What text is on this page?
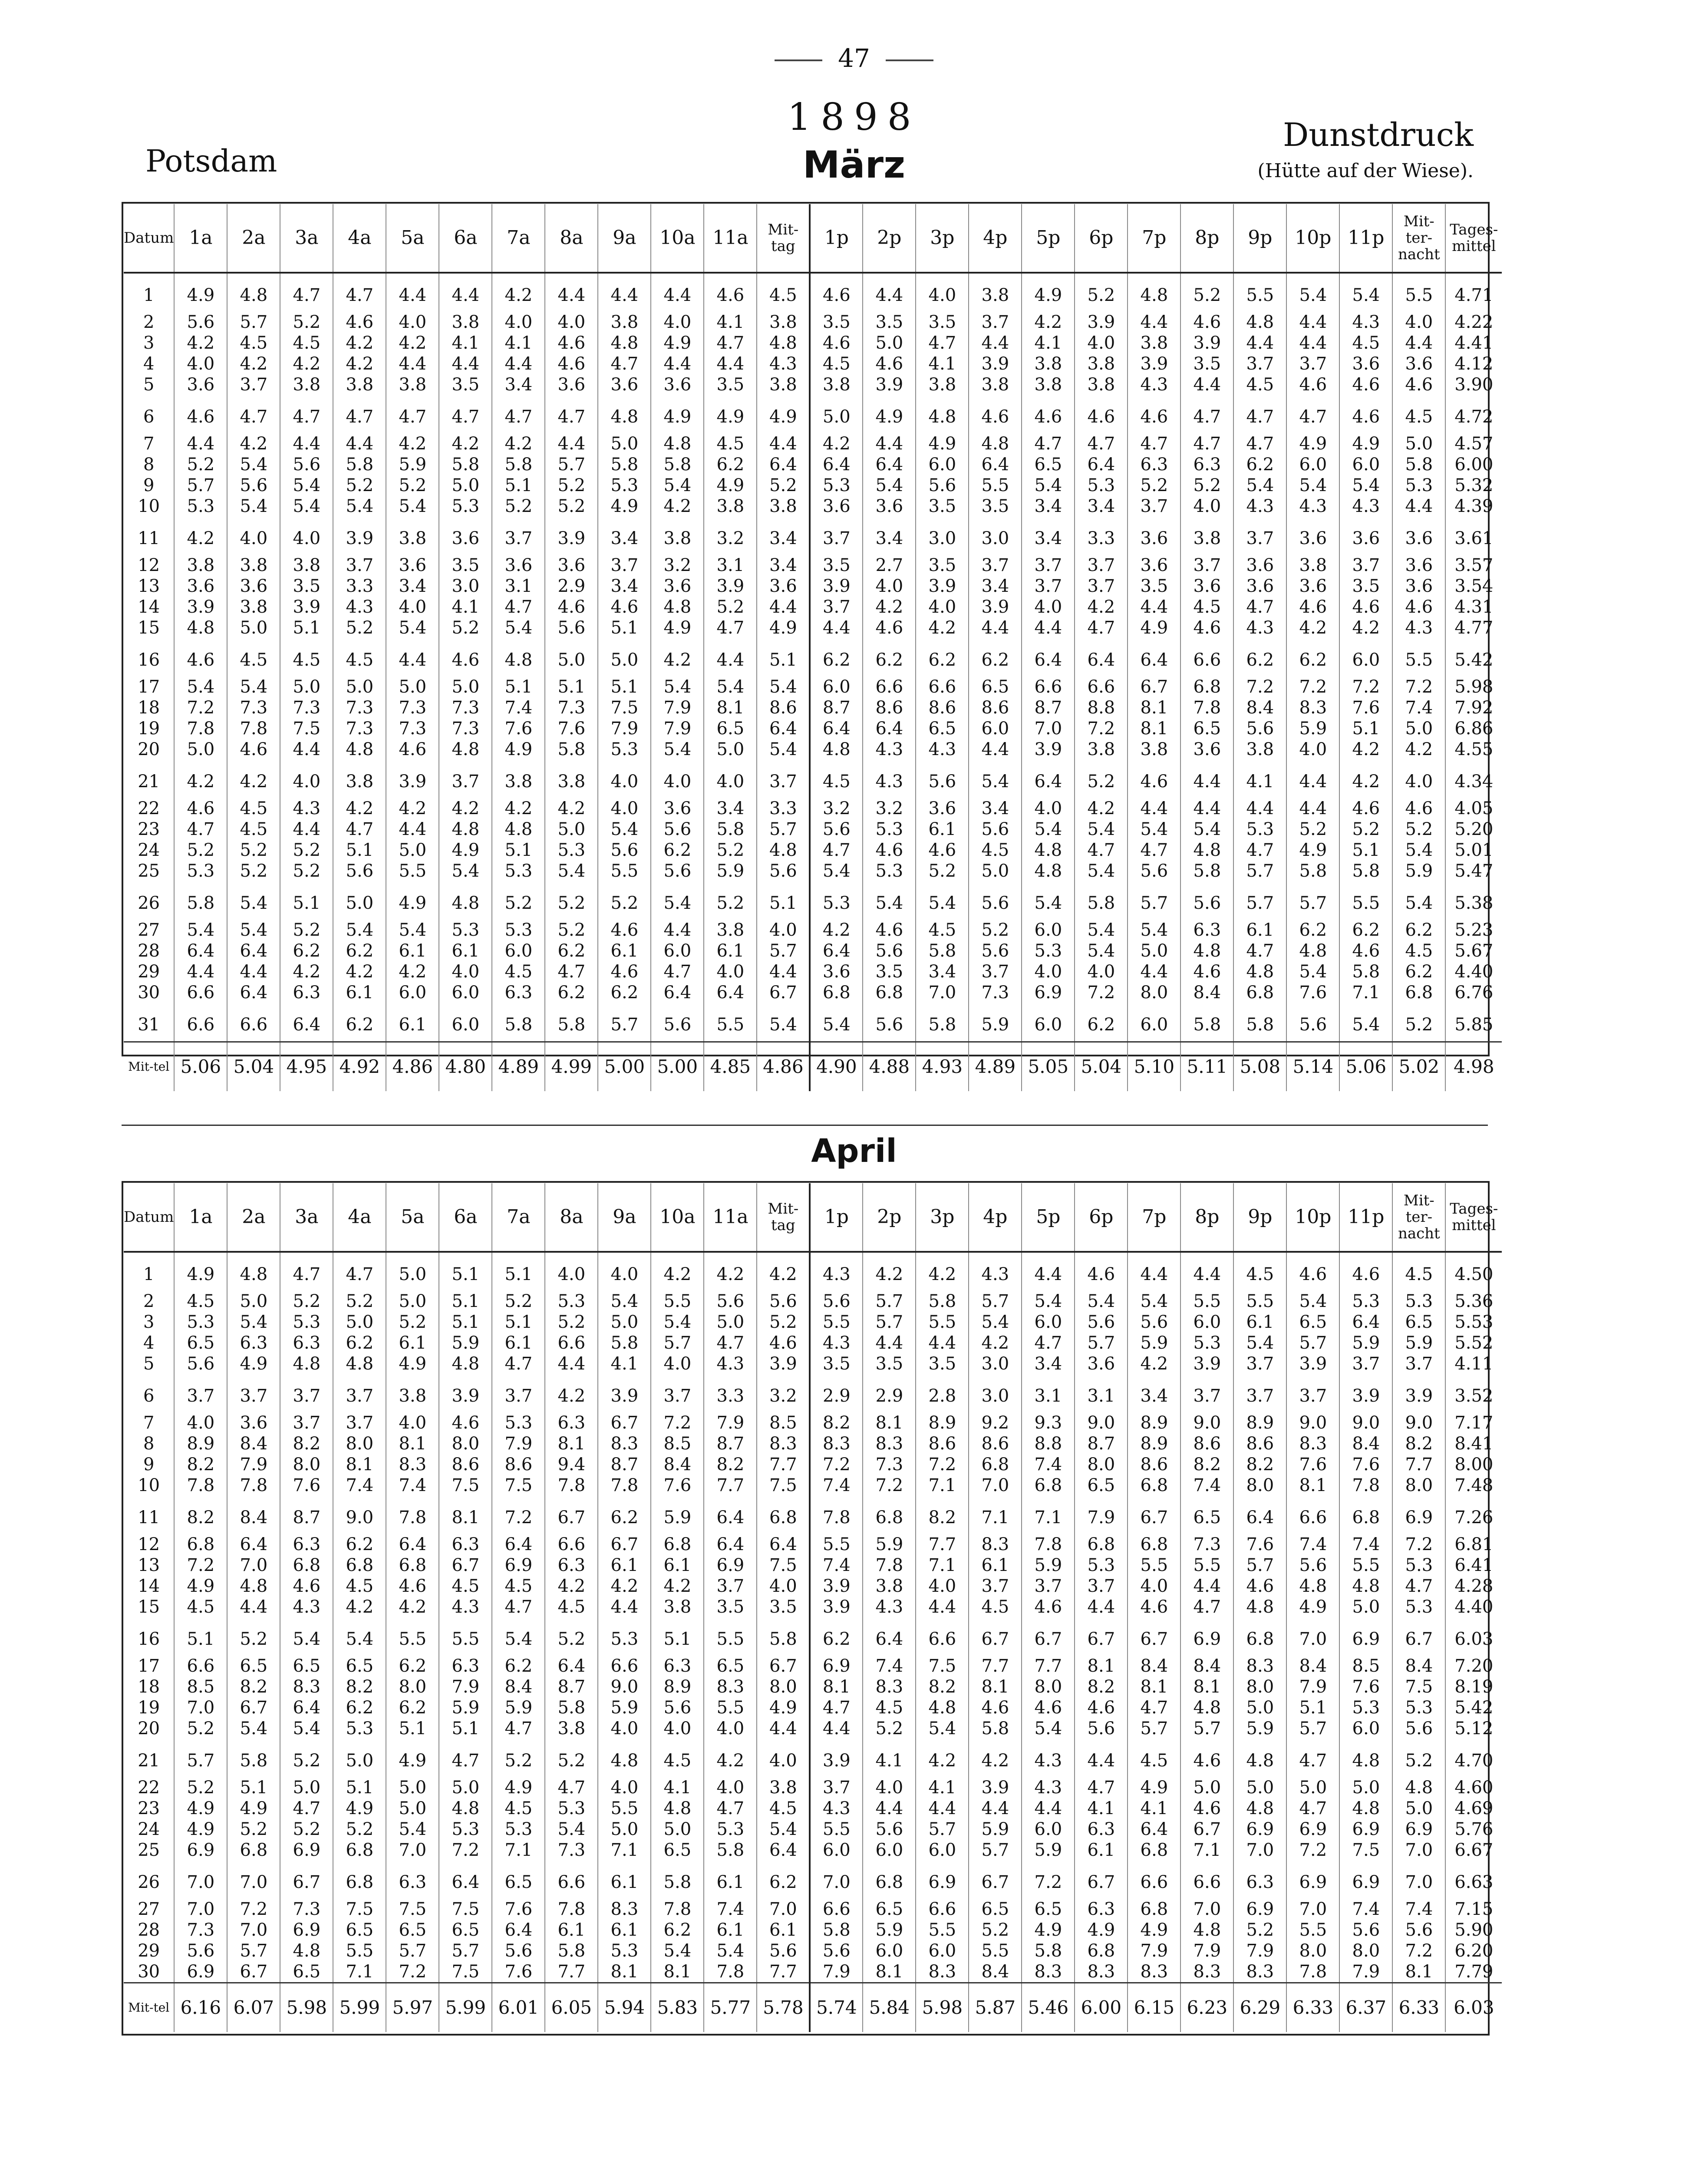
47
1898
März
Potsdam
Dunstdruck
(Hütte auf der Wiese).
April
Datum	1a	2a	3a	4a	5a	6a	7a	8a	9a	10a	11a	Mit-tag	1p	2p	3p	4p	5p	6p	7p	8p	9p	10p	11p	Mit-ter-nacht	Tages-mittel
1	4.9	4.8	4.7	4.7	4.4	4.4	4.2	4.4	4.4	4.4	4.6	4.5	4.6	4.4	4.0	3.8	4.9	5.2	4.8	5.2	5.5	5.4	5.4	5.5	4.71
2	5.6	5.7	5.2	4.6	4.0	3.8	4.0	4.0	3.8	4.0	4.1	3.8	3.5	3.5	3.5	3.7	4.2	3.9	4.4	4.6	4.8	4.4	4.3	4.0	4.22
3	4.2	4.5	4.5	4.2	4.2	4.1	4.1	4.6	4.8	4.9	4.7	4.8	4.6	5.0	4.7	4.4	4.1	4.0	3.8	3.9	4.4	4.4	4.5	4.4	4.41
4	4.0	4.2	4.2	4.2	4.4	4.4	4.4	4.6	4.7	4.4	4.4	4.3	4.5	4.6	4.1	3.9	3.8	3.8	3.9	3.5	3.7	3.7	3.6	3.6	4.12
5	3.6	3.7	3.8	3.8	3.8	3.5	3.4	3.6	3.6	3.6	3.5	3.8	3.8	3.9	3.8	3.8	3.8	3.8	4.3	4.4	4.5	4.6	4.6	4.6	3.90
6	4.6	4.7	4.7	4.7	4.7	4.7	4.7	4.7	4.8	4.9	4.9	4.9	5.0	4.9	4.8	4.6	4.6	4.6	4.6	4.7	4.7	4.7	4.6	4.5	4.72
7	4.4	4.2	4.4	4.4	4.2	4.2	4.2	4.4	5.0	4.8	4.5	4.4	4.2	4.4	4.9	4.8	4.7	4.7	4.7	4.7	4.7	4.9	4.9	5.0	4.57
8	5.2	5.4	5.6	5.8	5.9	5.8	5.8	5.7	5.8	5.8	6.2	6.4	6.4	6.4	6.0	6.4	6.5	6.4	6.3	6.3	6.2	6.0	6.0	5.8	6.00
9	5.7	5.6	5.4	5.2	5.2	5.0	5.1	5.2	5.3	5.4	4.9	5.2	5.3	5.4	5.6	5.5	5.4	5.3	5.2	5.2	5.4	5.4	5.4	5.3	5.32
10	5.3	5.4	5.4	5.4	5.4	5.3	5.2	5.2	4.9	4.2	3.8	3.8	3.6	3.6	3.5	3.5	3.4	3.4	3.7	4.0	4.3	4.3	4.3	4.4	4.39
11	4.2	4.0	4.0	3.9	3.8	3.6	3.7	3.9	3.4	3.8	3.2	3.4	3.7	3.4	3.0	3.0	3.4	3.3	3.6	3.8	3.7	3.6	3.6	3.6	3.61
12	3.8	3.8	3.8	3.7	3.6	3.5	3.6	3.6	3.7	3.2	3.1	3.4	3.5	2.7	3.5	3.7	3.7	3.7	3.6	3.7	3.6	3.8	3.7	3.6	3.57
13	3.6	3.6	3.5	3.3	3.4	3.0	3.1	2.9	3.4	3.6	3.9	3.6	3.9	4.0	3.9	3.4	3.7	3.7	3.5	3.6	3.6	3.6	3.5	3.6	3.54
14	3.9	3.8	3.9	4.3	4.0	4.1	4.7	4.6	4.6	4.8	5.2	4.4	3.7	4.2	4.0	3.9	4.0	4.2	4.4	4.5	4.7	4.6	4.6	4.6	4.31
15	4.8	5.0	5.1	5.2	5.4	5.2	5.4	5.6	5.1	4.9	4.7	4.9	4.4	4.6	4.2	4.4	4.4	4.7	4.9	4.6	4.3	4.2	4.2	4.3	4.77
16	4.6	4.5	4.5	4.5	4.4	4.6	4.8	5.0	5.0	4.2	4.4	5.1	6.2	6.2	6.2	6.2	6.4	6.4	6.4	6.6	6.2	6.2	6.0	5.5	5.42
17	5.4	5.4	5.0	5.0	5.0	5.0	5.1	5.1	5.1	5.4	5.4	5.4	6.0	6.6	6.6	6.5	6.6	6.6	6.7	6.8	7.2	7.2	7.2	7.2	5.98
18	7.2	7.3	7.3	7.3	7.3	7.3	7.4	7.3	7.5	7.9	8.1	8.6	8.7	8.6	8.6	8.6	8.7	8.8	8.1	7.8	8.4	8.3	7.6	7.4	7.92
19	7.8	7.8	7.5	7.3	7.3	7.3	7.6	7.6	7.9	7.9	6.5	6.4	6.4	6.4	6.5	6.0	7.0	7.2	8.1	6.5	5.6	5.9	5.1	5.0	6.86
20	5.0	4.6	4.4	4.8	4.6	4.8	4.9	5.8	5.3	5.4	5.0	5.4	4.8	4.3	4.3	4.4	3.9	3.8	3.8	3.6	3.8	4.0	4.2	4.2	4.55
21	4.2	4.2	4.0	3.8	3.9	3.7	3.8	3.8	4.0	4.0	4.0	3.7	4.5	4.3	5.6	5.4	6.4	5.2	4.6	4.4	4.1	4.4	4.2	4.0	4.34
22	4.6	4.5	4.3	4.2	4.2	4.2	4.2	4.2	4.0	3.6	3.4	3.3	3.2	3.2	3.6	3.4	4.0	4.2	4.4	4.4	4.4	4.4	4.6	4.6	4.05
23	4.7	4.5	4.4	4.7	4.4	4.8	4.8	5.0	5.4	5.6	5.8	5.7	5.6	5.3	6.1	5.6	5.4	5.4	5.4	5.4	5.3	5.2	5.2	5.2	5.20
24	5.2	5.2	5.2	5.1	5.0	4.9	5.1	5.3	5.6	6.2	5.2	4.8	4.7	4.6	4.6	4.5	4.8	4.7	4.7	4.8	4.7	4.9	5.1	5.4	5.01
25	5.3	5.2	5.2	5.6	5.5	5.4	5.3	5.4	5.5	5.6	5.9	5.6	5.4	5.3	5.2	5.0	4.8	5.4	5.6	5.8	5.7	5.8	5.8	5.9	5.47
26	5.8	5.4	5.1	5.0	4.9	4.8	5.2	5.2	5.2	5.4	5.2	5.1	5.3	5.4	5.4	5.6	5.4	5.8	5.7	5.6	5.7	5.7	5.5	5.4	5.38
27	5.4	5.4	5.2	5.4	5.4	5.3	5.3	5.2	4.6	4.4	3.8	4.0	4.2	4.6	4.5	5.2	6.0	5.4	5.4	6.3	6.1	6.2	6.2	6.2	5.23
28	6.4	6.4	6.2	6.2	6.1	6.1	6.0	6.2	6.1	6.0	6.1	5.7	6.4	5.6	5.8	5.6	5.3	5.4	5.0	4.8	4.7	4.8	4.6	4.5	5.67
29	4.4	4.4	4.2	4.2	4.2	4.0	4.5	4.7	4.6	4.7	4.0	4.4	3.6	3.5	3.4	3.7	4.0	4.0	4.4	4.6	4.8	5.4	5.8	6.2	4.40
30	6.6	6.4	6.3	6.1	6.0	6.0	6.3	6.2	6.2	6.4	6.4	6.7	6.8	6.8	7.0	7.3	6.9	7.2	8.0	8.4	6.8	7.6	7.1	6.8	6.76
31	6.6	6.6	6.4	6.2	6.1	6.0	5.8	5.8	5.7	5.6	5.5	5.4	5.4	5.6	5.8	5.9	6.0	6.2	6.0	5.8	5.8	5.6	5.4	5.2	5.85
Mit-tel	5.06	5.04	4.95	4.92	4.86	4.80	4.89	4.99	5.00	5.00	4.85	4.86	4.90	4.88	4.93	4.89	5.05	5.04	5.10	5.11	5.08	5.14	5.06	5.02	4.98
Datum	1a	2a	3a	4a	5a	6a	7a	8a	9a	10a	11a	Mit-tag	1p	2p	3p	4p	5p	6p	7p	8p	9p	10p	11p	Mit-ter-nacht	Tages-mittel
1	4.9	4.8	4.7	4.7	5.0	5.1	5.1	4.0	4.0	4.2	4.2	4.2	4.3	4.2	4.2	4.3	4.4	4.6	4.4	4.4	4.5	4.6	4.6	4.5	4.50
2	4.5	5.0	5.2	5.2	5.0	5.1	5.2	5.3	5.4	5.5	5.6	5.6	5.6	5.7	5.8	5.7	5.4	5.4	5.4	5.5	5.5	5.4	5.3	5.3	5.36
3	5.3	5.4	5.3	5.0	5.2	5.1	5.1	5.2	5.0	5.4	5.0	5.2	5.5	5.7	5.5	5.4	6.0	5.6	5.6	6.0	6.1	6.5	6.4	6.5	5.53
4	6.5	6.3	6.3	6.2	6.1	5.9	6.1	6.6	5.8	5.7	4.7	4.6	4.3	4.4	4.4	4.2	4.7	5.7	5.9	5.3	5.4	5.7	5.9	5.9	5.52
5	5.6	4.9	4.8	4.8	4.9	4.8	4.7	4.4	4.1	4.0	4.3	3.9	3.5	3.5	3.5	3.0	3.4	3.6	4.2	3.9	3.7	3.9	3.7	3.7	4.11
6	3.7	3.7	3.7	3.7	3.8	3.9	3.7	4.2	3.9	3.7	3.3	3.2	2.9	2.9	2.8	3.0	3.1	3.1	3.4	3.7	3.7	3.7	3.9	3.9	3.52
7	4.0	3.6	3.7	3.7	4.0	4.6	5.3	6.3	6.7	7.2	7.9	8.5	8.2	8.1	8.9	9.2	9.3	9.0	8.9	9.0	8.9	9.0	9.0	9.0	7.17
8	8.9	8.4	8.2	8.0	8.1	8.0	7.9	8.1	8.3	8.5	8.7	8.3	8.3	8.3	8.6	8.6	8.8	8.7	8.9	8.6	8.6	8.3	8.4	8.2	8.41
9	8.2	7.9	8.0	8.1	8.3	8.6	8.6	9.4	8.7	8.4	8.2	7.7	7.2	7.3	7.2	6.8	7.4	8.0	8.6	8.2	8.2	7.6	7.6	7.7	8.00
10	7.8	7.8	7.6	7.4	7.4	7.5	7.5	7.8	7.8	7.6	7.7	7.5	7.4	7.2	7.1	7.0	6.8	6.5	6.8	7.4	8.0	8.1	7.8	8.0	7.48
11	8.2	8.4	8.7	9.0	7.8	8.1	7.2	6.7	6.2	5.9	6.4	6.8	7.8	6.8	8.2	7.1	7.1	7.9	6.7	6.5	6.4	6.6	6.8	6.9	7.26
12	6.8	6.4	6.3	6.2	6.4	6.3	6.4	6.6	6.7	6.8	6.4	6.4	5.5	5.9	7.7	8.3	7.8	6.8	6.8	7.3	7.6	7.4	7.4	7.2	6.81
13	7.2	7.0	6.8	6.8	6.8	6.7	6.9	6.3	6.1	6.1	6.9	7.5	7.4	7.8	7.1	6.1	5.9	5.3	5.5	5.5	5.7	5.6	5.5	5.3	6.41
14	4.9	4.8	4.6	4.5	4.6	4.5	4.5	4.2	4.2	4.2	3.7	4.0	3.9	3.8	4.0	3.7	3.7	3.7	4.0	4.4	4.6	4.8	4.8	4.7	4.28
15	4.5	4.4	4.3	4.2	4.2	4.3	4.7	4.5	4.4	3.8	3.5	3.5	3.9	4.3	4.4	4.5	4.6	4.4	4.6	4.7	4.8	4.9	5.0	5.3	4.40
16	5.1	5.2	5.4	5.4	5.5	5.5	5.4	5.2	5.3	5.1	5.5	5.8	6.2	6.4	6.6	6.7	6.7	6.7	6.7	6.9	6.8	7.0	6.9	6.7	6.03
17	6.6	6.5	6.5	6.5	6.2	6.3	6.2	6.4	6.6	6.3	6.5	6.7	6.9	7.4	7.5	7.7	7.7	8.1	8.4	8.4	8.3	8.4	8.5	8.4	7.20
18	8.5	8.2	8.3	8.2	8.0	7.9	8.4	8.7	9.0	8.9	8.3	8.0	8.1	8.3	8.2	8.1	8.0	8.2	8.1	8.1	8.0	7.9	7.6	7.5	8.19
19	7.0	6.7	6.4	6.2	6.2	5.9	5.9	5.8	5.9	5.6	5.5	4.9	4.7	4.5	4.8	4.6	4.6	4.6	4.7	4.8	5.0	5.1	5.3	5.3	5.42
20	5.2	5.4	5.4	5.3	5.1	5.1	4.7	3.8	4.0	4.0	4.0	4.4	4.4	5.2	5.4	5.8	5.4	5.6	5.7	5.7	5.9	5.7	6.0	5.6	5.12
21	5.7	5.8	5.2	5.0	4.9	4.7	5.2	5.2	4.8	4.5	4.2	4.0	3.9	4.1	4.2	4.2	4.3	4.4	4.5	4.6	4.8	4.7	4.8	5.2	4.70
22	5.2	5.1	5.0	5.1	5.0	5.0	4.9	4.7	4.0	4.1	4.0	3.8	3.7	4.0	4.1	3.9	4.3	4.7	4.9	5.0	5.0	5.0	5.0	4.8	4.60
23	4.9	4.9	4.7	4.9	5.0	4.8	4.5	5.3	5.5	4.8	4.7	4.5	4.3	4.4	4.4	4.4	4.4	4.1	4.1	4.6	4.8	4.7	4.8	5.0	4.69
24	4.9	5.2	5.2	5.2	5.4	5.3	5.3	5.4	5.0	5.0	5.3	5.4	5.5	5.6	5.7	5.9	6.0	6.3	6.4	6.7	6.9	6.9	6.9	6.9	5.76
25	6.9	6.8	6.9	6.8	7.0	7.2	7.1	7.3	7.1	6.5	5.8	6.4	6.0	6.0	6.0	5.7	5.9	6.1	6.8	7.1	7.0	7.2	7.5	7.0	6.67
26	7.0	7.0	6.7	6.8	6.3	6.4	6.5	6.6	6.1	5.8	6.1	6.2	7.0	6.8	6.9	6.7	7.2	6.7	6.6	6.6	6.3	6.9	6.9	7.0	6.63
27	7.0	7.2	7.3	7.5	7.5	7.5	7.6	7.8	8.3	7.8	7.4	7.0	6.6	6.5	6.6	6.5	6.5	6.3	6.8	7.0	6.9	7.0	7.4	7.4	7.15
28	7.3	7.0	6.9	6.5	6.5	6.5	6.4	6.1	6.1	6.2	6.1	6.1	5.8	5.9	5.5	5.2	4.9	4.9	4.9	4.8	5.2	5.5	5.6	5.6	5.90
29	5.6	5.7	4.8	5.5	5.7	5.7	5.6	5.8	5.3	5.4	5.4	5.6	5.6	6.0	6.0	5.5	5.8	6.8	7.9	7.9	7.9	8.0	8.0	7.2	6.20
30	6.9	6.7	6.5	7.1	7.2	7.5	7.6	7.7	8.1	8.1	7.8	7.7	7.9	8.1	8.3	8.4	8.3	8.3	8.3	8.3	8.3	7.8	7.9	8.1	7.79
Mit-tel	6.16	6.07	5.98	5.99	5.97	5.99	6.01	6.05	5.94	5.83	5.77	5.78	5.74	5.84	5.98	5.87	5.46	6.00	6.15	6.23	6.29	6.33	6.37	6.33	6.03
